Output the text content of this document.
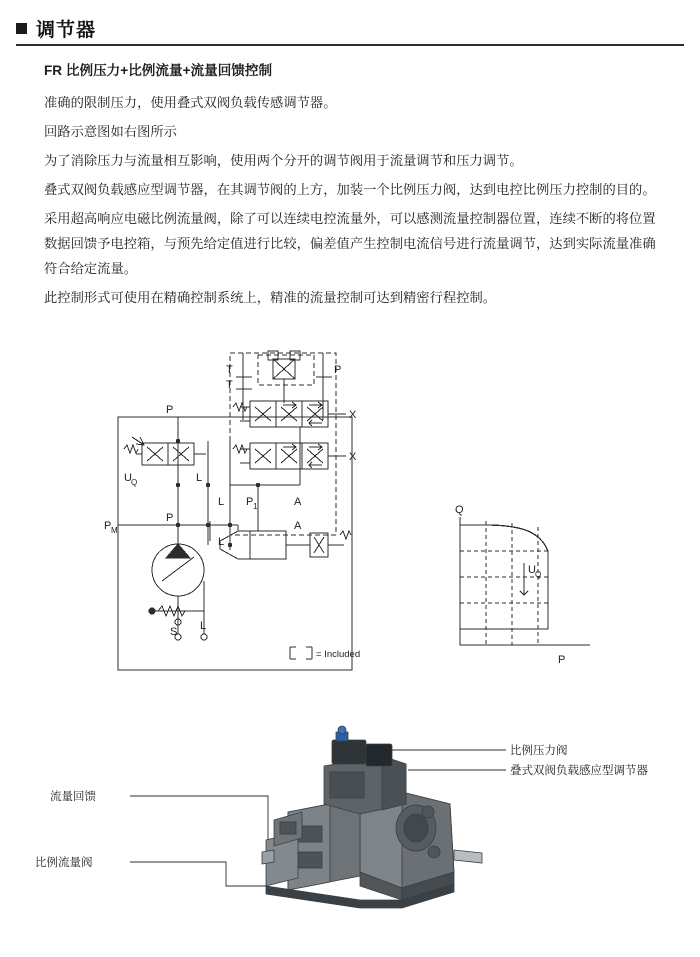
调节器
FR 比例压力+比例流量+流量回馈控制

准确的限制压力，使用叠式双阀负载传感调节器。

回路示意图如右图所示

为了消除压力与流量相互影响，使用两个分开的调节阀用于流量调节和压力调节。

叠式双阀负载感应型调节器，在其调节阀的上方，加装一个比例压力阀，达到电控比例压力控制的目的。

采用超高响应电磁比例流量阀，除了可以连续电控流量外，可以感测流量控制器位置，连续不断的将位置数据回馈予电控箱，与预先给定值进行比较，偏差值产生控制电流信号进行流量调节，达到实际流量准确符合给定流量。

此控制形式可使用在精确控制系统上，精准的流量控制可达到精密行程控制。

T
T
P
P
P
P M
U Q	L
L
L
L
S
P 1	A
A
X
X
= Included
Q
P
U Q
比例压力阀
叠式双阀负载感应型调节器
流量回馈
比例流量阀
